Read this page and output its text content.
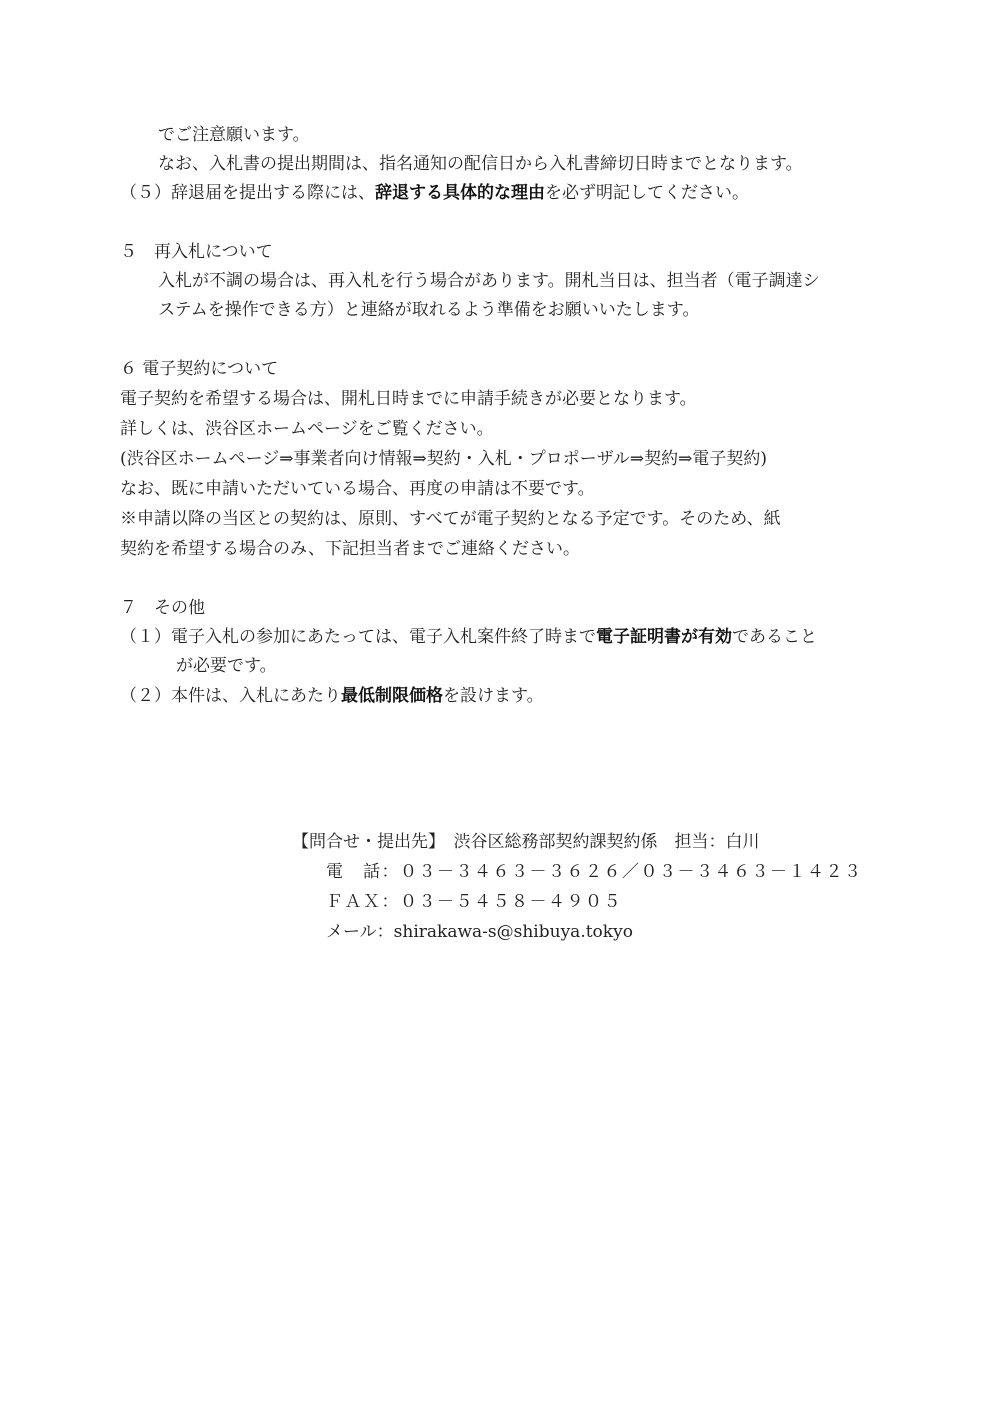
でご注意願います。
なお、入札書の提出期間は、指名通知の配信日から入札書締切日時までとなります。
（５）辞退届を提出する際には、辞退する具体的な理由を必ず明記してください。
５　再入札について
入札が不調の場合は、再入札を行う場合があります。開札当日は、担当者（電子調達シ
ステムを操作できる方）と連絡が取れるよう準備をお願いいたします。
６ 電子契約について
電子契約を希望する場合は、開札日時までに申請手続きが必要となります。
詳しくは、渋谷区ホームページをご覧ください。
(渋谷区ホームページ⇒事業者向け情報⇒契約・入札・プロポーザル⇒契約⇒電子契約)
なお、既に申請いただいている場合、再度の申請は不要です。
※申請以降の当区との契約は、原則、すべてが電子契約となる予定です。そのため、紙
契約を希望する場合のみ、下記担当者までご連絡ください。
７　その他
（１）電子入札の参加にあたっては、電子入札案件終了時まで電子証明書が有効であること
が必要です。
（２）本件は、入札にあたり最低制限価格を設けます。
【問合せ・提出先】　渋谷区総務部契約課契約係　担当：白川
電　話：０３－３４６３－３６２６／０３－３４６３－１４２３
ＦＡＸ：０３－５４５８－４９０５
メール：shirakawa-s@shibuya.tokyo
